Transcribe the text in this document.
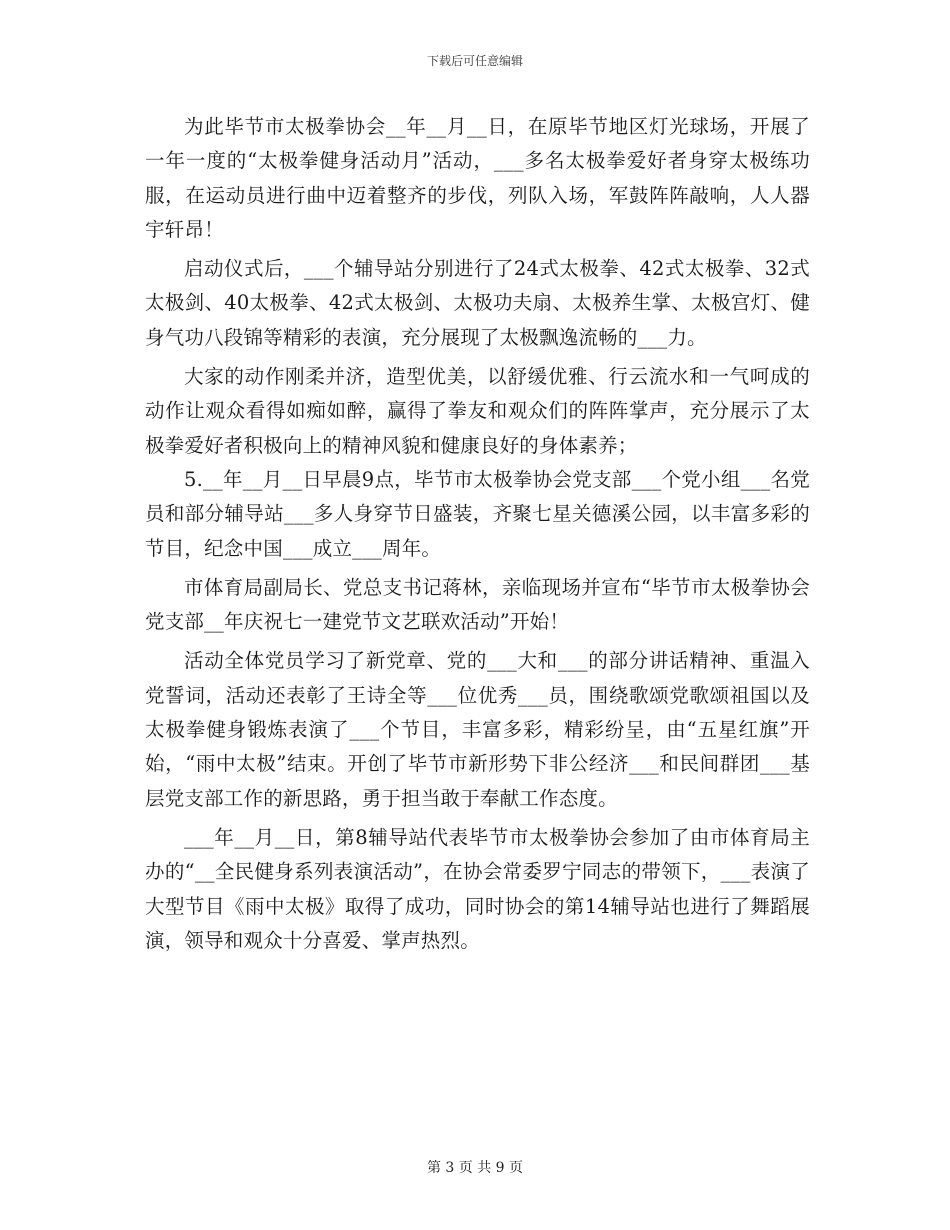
下载后可任意编辑

为此毕节市太极拳协会__年__月__日，在原毕节地区灯光球场，开展了一年一度的“太极拳健身活动月”活动，___多名太极拳爱好者身穿太极练功服，在运动员进行曲中迈着整齐的步伐，列队入场，军鼓阵阵敲响，人人器宇轩昂！

启动仪式后，___个辅导站分别进行了24式太极拳、42式太极拳、32式太极剑、40太极拳、42式太极剑、太极功夫扇、太极养生掌、太极宫灯、健身气功八段锦等精彩的表演，充分展现了太极飘逸流畅的___力。

大家的动作刚柔并济，造型优美，以舒缓优雅、行云流水和一气呵成的动作让观众看得如痴如醉，赢得了拳友和观众们的阵阵掌声，充分展示了太极拳爱好者积极向上的精神风貌和健康良好的身体素养；

5.__年__月__日早晨9点，毕节市太极拳协会党支部___个党小组___名党员和部分辅导站___多人身穿节日盛装，齐聚七星关德溪公园，以丰富多彩的节目，纪念中国___成立___周年。

市体育局副局长、党总支书记蒋林，亲临现场并宣布“毕节市太极拳协会党支部__年庆祝七一建党节文艺联欢活动”开始！

活动全体党员学习了新党章、党的___大和___的部分讲话精神、重温入党誓词，活动还表彰了王诗全等___位优秀___员，围绕歌颂党歌颂祖国以及太极拳健身锻炼表演了___个节目，丰富多彩，精彩纷呈，由“五星红旗”开始，“雨中太极”结束。开创了毕节市新形势下非公经济___和民间群团___基层党支部工作的新思路，勇于担当敢于奉献工作态度。

___年__月__日，第8辅导站代表毕节市太极拳协会参加了由市体育局主办的“__全民健身系列表演活动”，在协会常委罗宁同志的带领下，___表演了大型节目《雨中太极》取得了成功，同时协会的第14辅导站也进行了舞蹈展演，领导和观众十分喜爱、掌声热烈。

第 3 页 共 9 页
